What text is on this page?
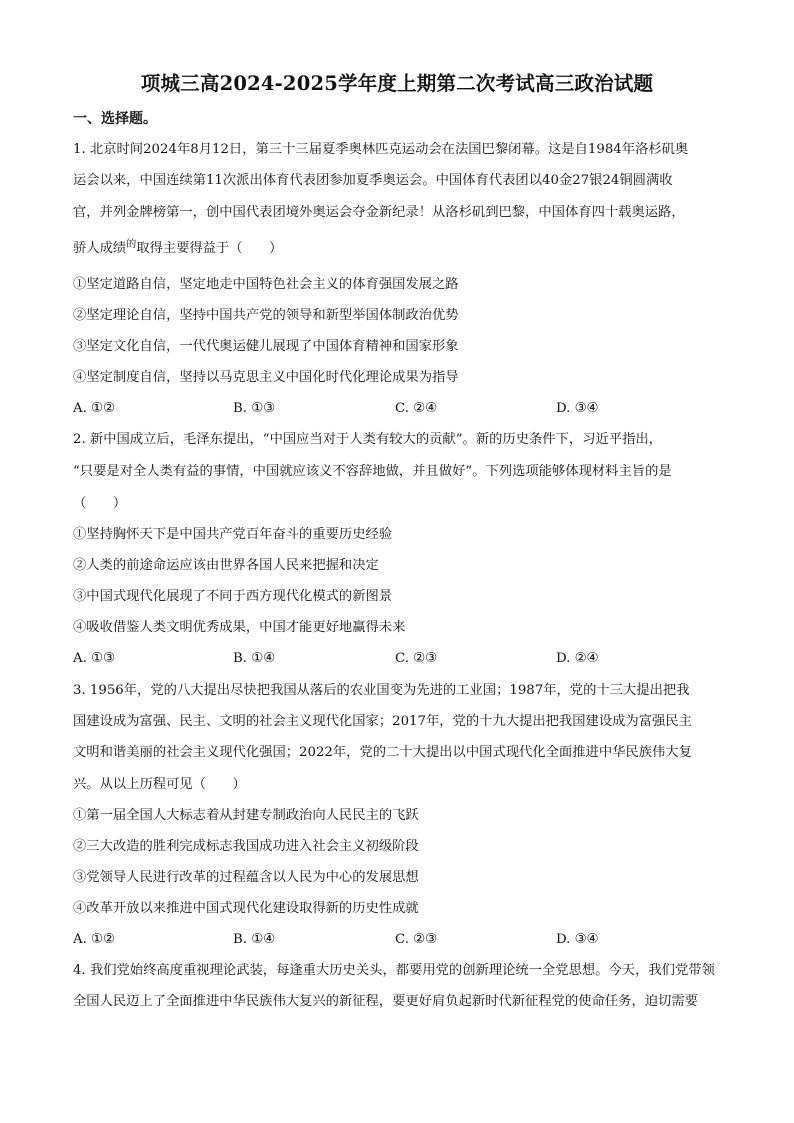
项城三高2024-2025学年度上期第二次考试高三政治试题
一、选择题。
1. 北京时间2024年8月12日，第三十三届夏季奥林匹克运动会在法国巴黎闭幕。这是自1984年洛杉矶奥
运会以来，中国连续第11次派出体育代表团参加夏季奥运会。中国体育代表团以40金27银24铜圆满收
官，并列金牌榜第一，创中国代表团境外奥运会夺金新纪录！从洛杉矶到巴黎，中国体育四十载奥运路，
骄人成绩$^的$取得主要得益于（　　）
①坚定道路自信，坚定地走中国特色社会主义的体育强国发展之路
②坚定理论自信，坚持中国共产党的领导和新型举国体制政治优势
③坚定文化自信，一代代奥运健儿展现了中国体育精神和国家形象
④坚定制度自信，坚持以马克思主义中国化时代化理论成果为指导
A. ①②	B. ①③	C. ②④	D. ③④
2. 新中国成立后，毛泽东提出，“中国应当对于人类有较大的贡献”。新的历史条件下，习近平指出，
“只要是对全人类有益的事情，中国就应该义不容辞地做，并且做好”。下列选项能够体现材料主旨的是
（　　）
①坚持胸怀天下是中国共产党百年奋斗的重要历史经验
②人类的前途命运应该由世界各国人民来把握和决定
③中国式现代化展现了不同于西方现代化模式的新图景
④吸收借鉴人类文明优秀成果，中国才能更好地赢得未来
A. ①③	B. ①④	C. ②③	D. ②④
3. 1956年，党的八大提出尽快把我国从落后的农业国变为先进的工业国；1987年，党的十三大提出把我
国建设成为富强、民主、文明的社会主义现代化国家；2017年，党的十九大提出把我国建设成为富强民主
文明和谐美丽的社会主义现代化强国；2022年，党的二十大提出以中国式现代化全面推进中华民族伟大复
兴。从以上历程可见（　　）
①第一届全国人大标志着从封建专制政治向人民民主的飞跃
②三大改造的胜利完成标志我国成功进入社会主义初级阶段
③党领导人民进行改革的过程蕴含以人民为中心的发展思想
④改革开放以来推进中国式现代化建设取得新的历史性成就
A. ①②	B. ①④	C. ②③	D. ③④
4. 我们党始终高度重视理论武装，每逢重大历史关头，都要用党的创新理论统一全党思想。今天，我们党带领
全国人民迈上了全面推进中华民族伟大复兴的新征程，要更好肩负起新时代新征程党的使命任务，迫切需要
